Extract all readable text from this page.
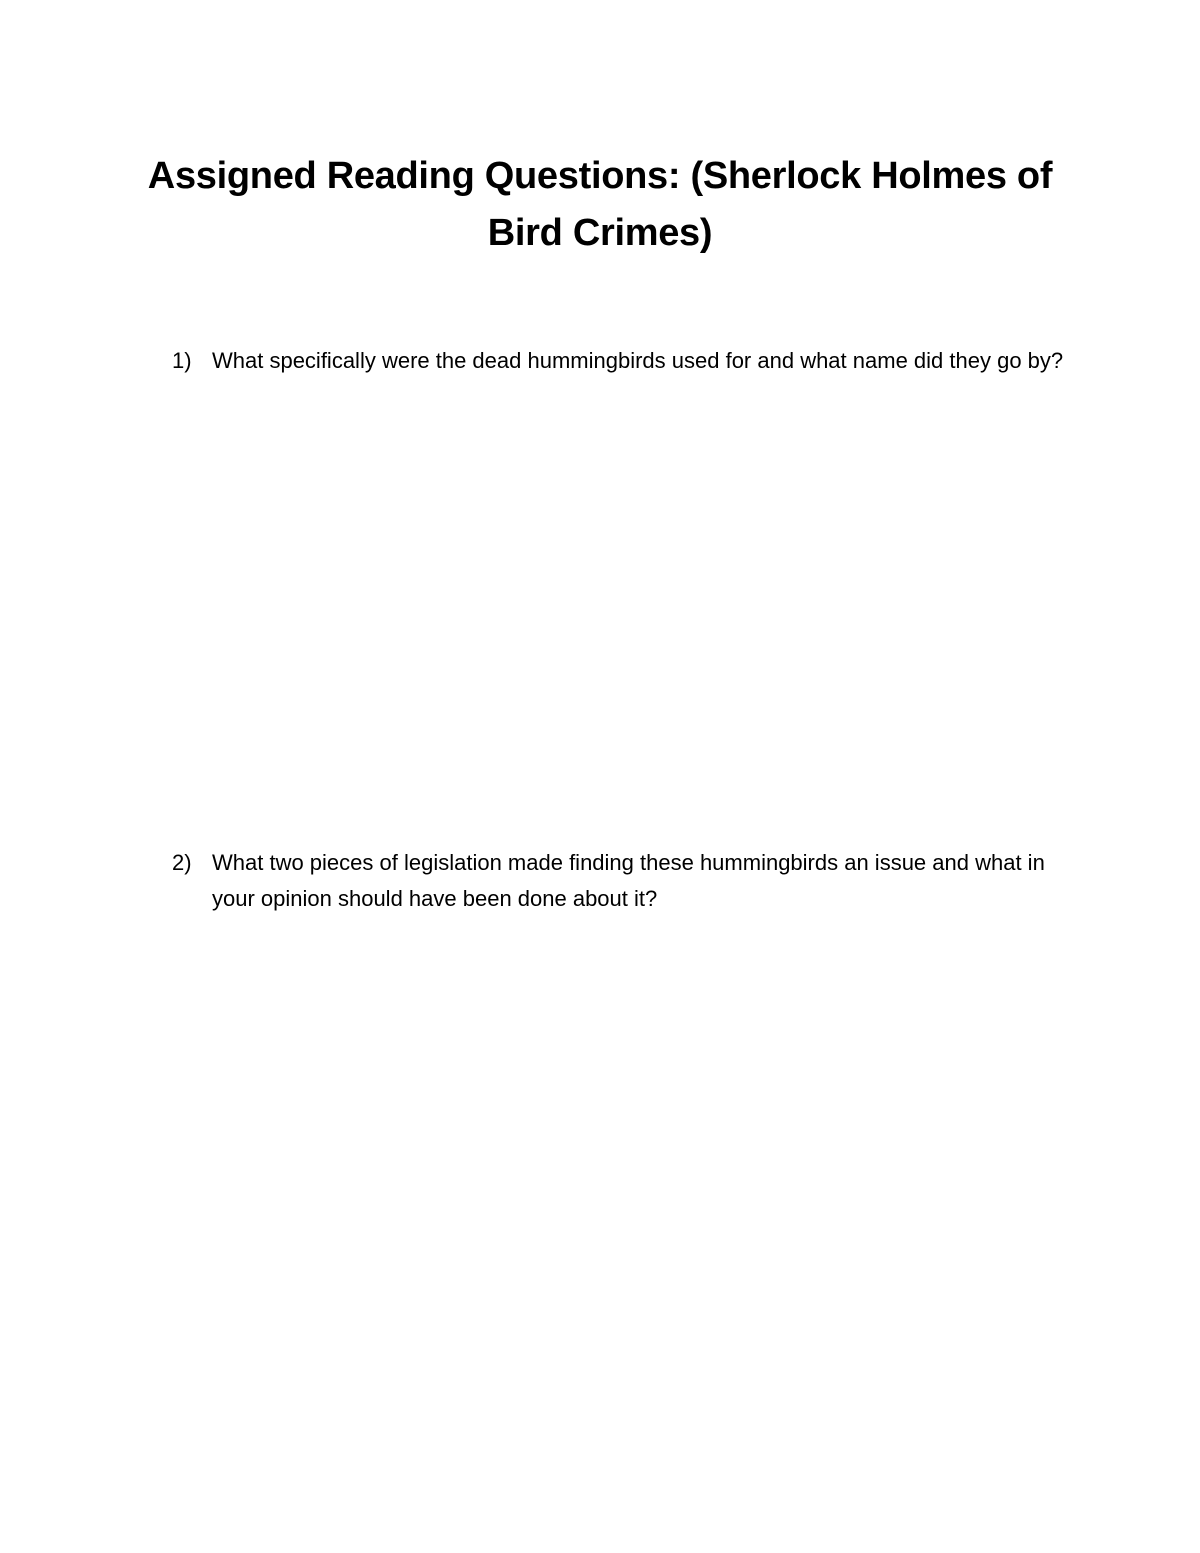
Assigned Reading Questions: (Sherlock Holmes of Bird Crimes)
1) What specifically were the dead hummingbirds used for and what name did they go by?
2) What two pieces of legislation made finding these hummingbirds an issue and what in your opinion should have been done about it?
